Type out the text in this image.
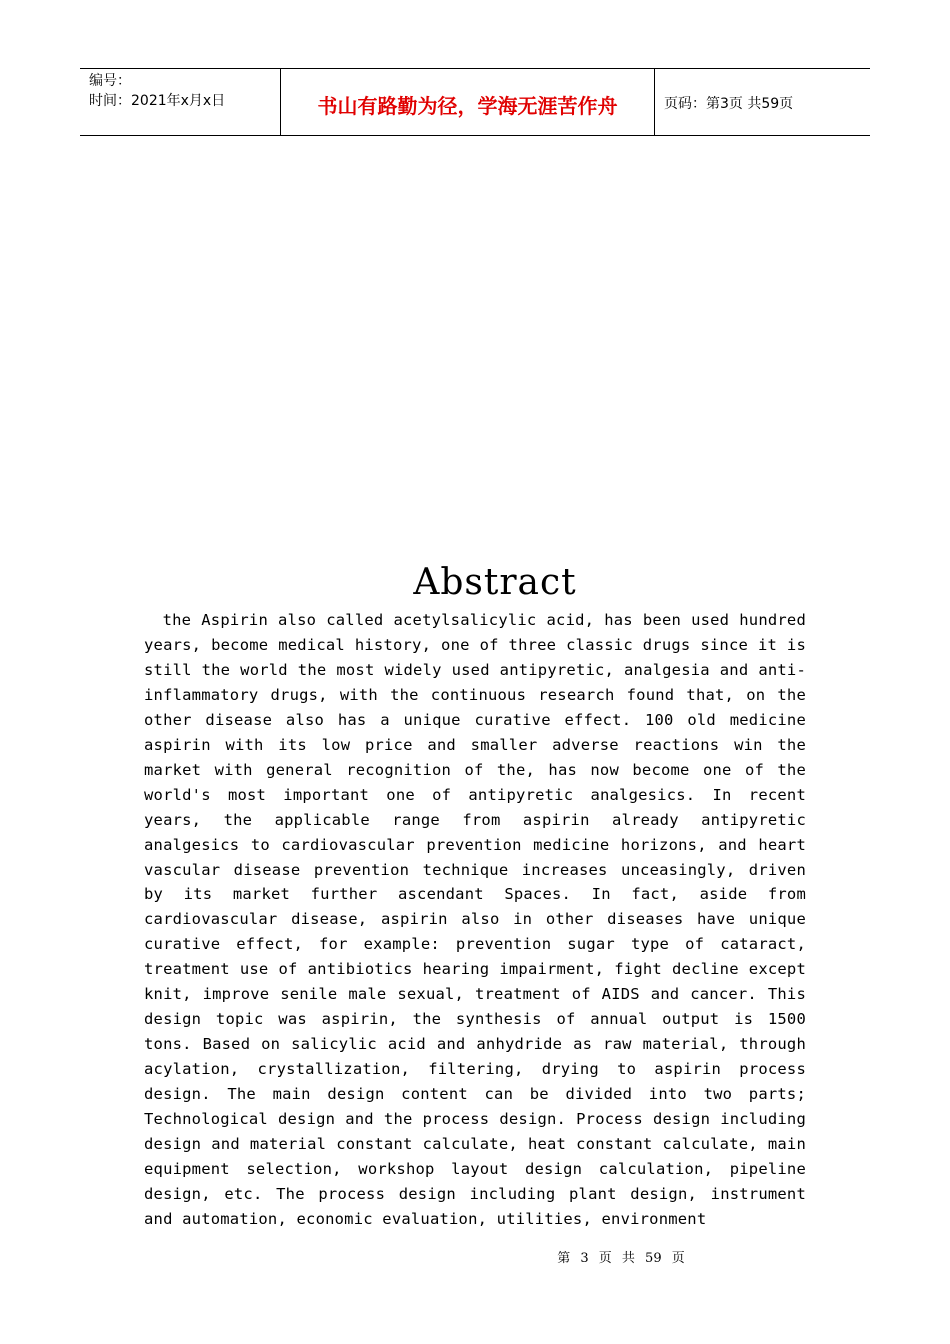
编号：
时间：2021年x月x日	书山有路勤为径，学海无涯苦作舟	页码：第3页 共59页
Abstract
the Aspirin also called acetylsalicylic acid, has been used hundred years, become medical history, one of three classic drugs since it is still the world the most widely used antipyretic, analgesia and anti-inflammatory drugs, with the continuous research found that, on the other disease also has a unique curative effect. 100 old medicine aspirin with its low price and smaller adverse reactions win the market with general recognition of the, has now become one of the world's most important one of antipyretic analgesics. In recent years, the applicable range from aspirin already antipyretic analgesics to cardiovascular prevention medicine horizons, and heart vascular disease prevention technique increases unceasingly, driven by its market further ascendant Spaces. In fact, aside from cardiovascular disease, aspirin also in other diseases have unique curative effect, for example: prevention sugar type of cataract, treatment use of antibiotics hearing impairment, fight decline except knit, improve senile male sexual, treatment of AIDS and cancer. This design topic was aspirin, the synthesis of annual output is 1500 tons. Based on salicylic acid and anhydride as raw material, through acylation, crystallization, filtering, drying to aspirin process design. The main design content can be divided into two parts; Technological design and the process design. Process design including design and material constant calculate, heat constant calculate, main equipment selection, workshop layout design calculation, pipeline design, etc. The process design including plant design, instrument and automation, economic evaluation, utilities, environment
第 3 页 共 59 页
